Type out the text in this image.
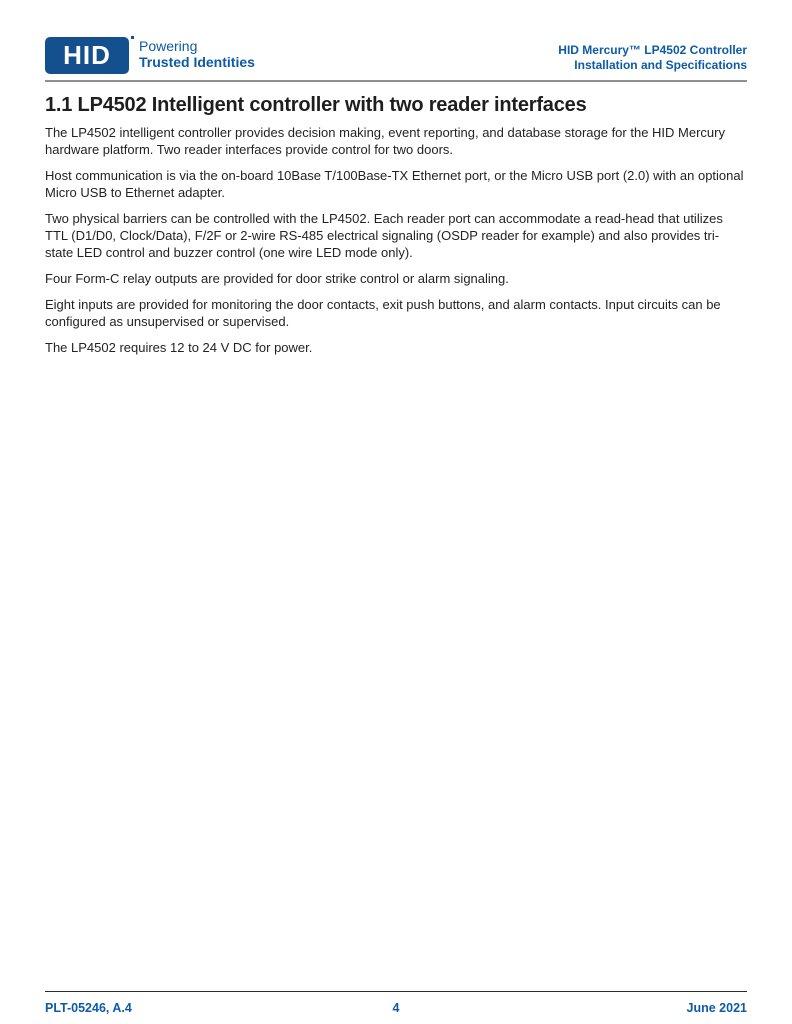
HID Powering
Trusted Identities
HID Mercury™ LP4502 Controller
Installation and Specifications
1.1 LP4502 Intelligent controller with two reader interfaces

The LP4502 intelligent controller provides decision making, event reporting, and database storage for the HID Mercury hardware platform. Two reader interfaces provide control for two doors.

Host communication is via the on-board 10Base T/100Base-TX Ethernet port, or the Micro USB port (2.0) with an optional Micro USB to Ethernet adapter.

Two physical barriers can be controlled with the LP4502. Each reader port can accommodate a read-head that utilizes TTL (D1/D0, Clock/Data), F/2F or 2-wire RS-485 electrical signaling (OSDP reader for example) and also provides tri-state LED control and buzzer control (one wire LED mode only).

Four Form-C relay outputs are provided for door strike control or alarm signaling.

Eight inputs are provided for monitoring the door contacts, exit push buttons, and alarm contacts. Input circuits can be configured as unsupervised or supervised.

The LP4502 requires 12 to 24 V DC for power.

PLT-05246, A.4	4	June 2021
